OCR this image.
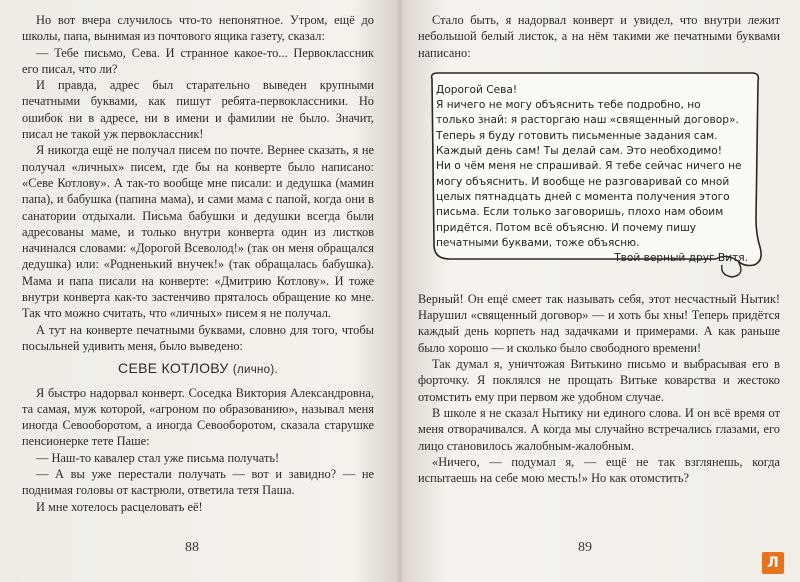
Но вот вчера случилось что-то непонятное. Утром, ещё до школы, папа, вынимая из почтового ящика газету, сказал:

— Тебе письмо, Сева. И странное какое-то... Первоклассник его писал, что ли?

И правда, адрес был старательно выведен крупными печатными буквами, как пишут ребята-первоклассники. Но ошибок ни в адресе, ни в имени и фамилии не было. Значит, писал не такой уж первоклассник!

Я никогда ещё не получал писем по почте. Вернее сказать, я не получал «личных» писем, где бы на конверте было написано: «Севе Котлову». А так-то вообще мне писали: и дедушка (мамин папа), и бабушка (папина мама), и сами мама с папой, когда они в санатории отдыхали. Письма бабушки и дедушки всегда были адресованы маме, и только внутри конверта один из листков начинался словами: «Дорогой Всеволод!» (так он меня обращался дедушка) или: «Родненький внучек!» (так обращалась бабушка). Мама и папа писали на конверте: «Дмитрию Котлову». И тоже внутри конверта как-то застенчиво пряталось обращение ко мне. Так что можно считать, что «личных» писем я не получал.

А тут на конверте печатными буквами, словно для того, чтобы посыльней удивить меня, было выведено:

СЕВЕ КОТЛОВУ (лично).

Я быстро надорвал конверт. Соседка Виктория Александровна, та самая, муж которой, «агроном по образованию», называл меня иногда Севооборотом, а иногда Севооборотом, сказала старушке пенсионерке тете Паше:

— Наш-то кавалер стал уже письма получать!

— А вы уже перестали получать — вот и завидно? — не поднимая головы от кастрюли, ответила тетя Паша.

И мне хотелось расцеловать её!

88

Стало быть, я надорвал конверт и увидел, что внутри лежит небольшой белый листок, а на нём такими же печатными буквами написано:

Дорогой Сева!
Я ничего не могу объяснить тебе подробно, но
только знай: я расторгаю наш «священный договор».
Теперь я буду готовить письменные задания сам.
Каждый день сам! Ты делай сам. Это необходимо!
Ни о чём меня не спрашивай. Я тебе сейчас ничего не
могу объяснить. И вообще не разговаривай со мной
целых пятнадцать дней с момента получения этого
письма. Если только заговоришь, плохо нам обоим
придётся. Потом всё объясню. И почему пишу
печатными буквами, тоже объясню.
Твой верный друг Витя.

Верный! Он ещё смеет так называть себя, этот несчастный Нытик! Нарушил «священный договор» — и хоть бы хны! Теперь придётся каждый день корпеть над задачками и примерами. А как раньше было хорошо — и сколько было свободного времени!

Так думал я, уничтожая Витькино письмо и выбрасывая его в форточку. Я поклялся не прощать Витьке коварства и жестоко отомстить ему при первом же удобном случае.

В школе я не сказал Нытику ни единого слова. И он всё время от меня отворачивался. А когда мы случайно встречались глазами, его лицо становилось жалобным-жалобным.

«Ничего, — подумал я, — ещё не так взглянешь, когда испытаешь на себе мою месть!» Но как отомстить?

89
Л
